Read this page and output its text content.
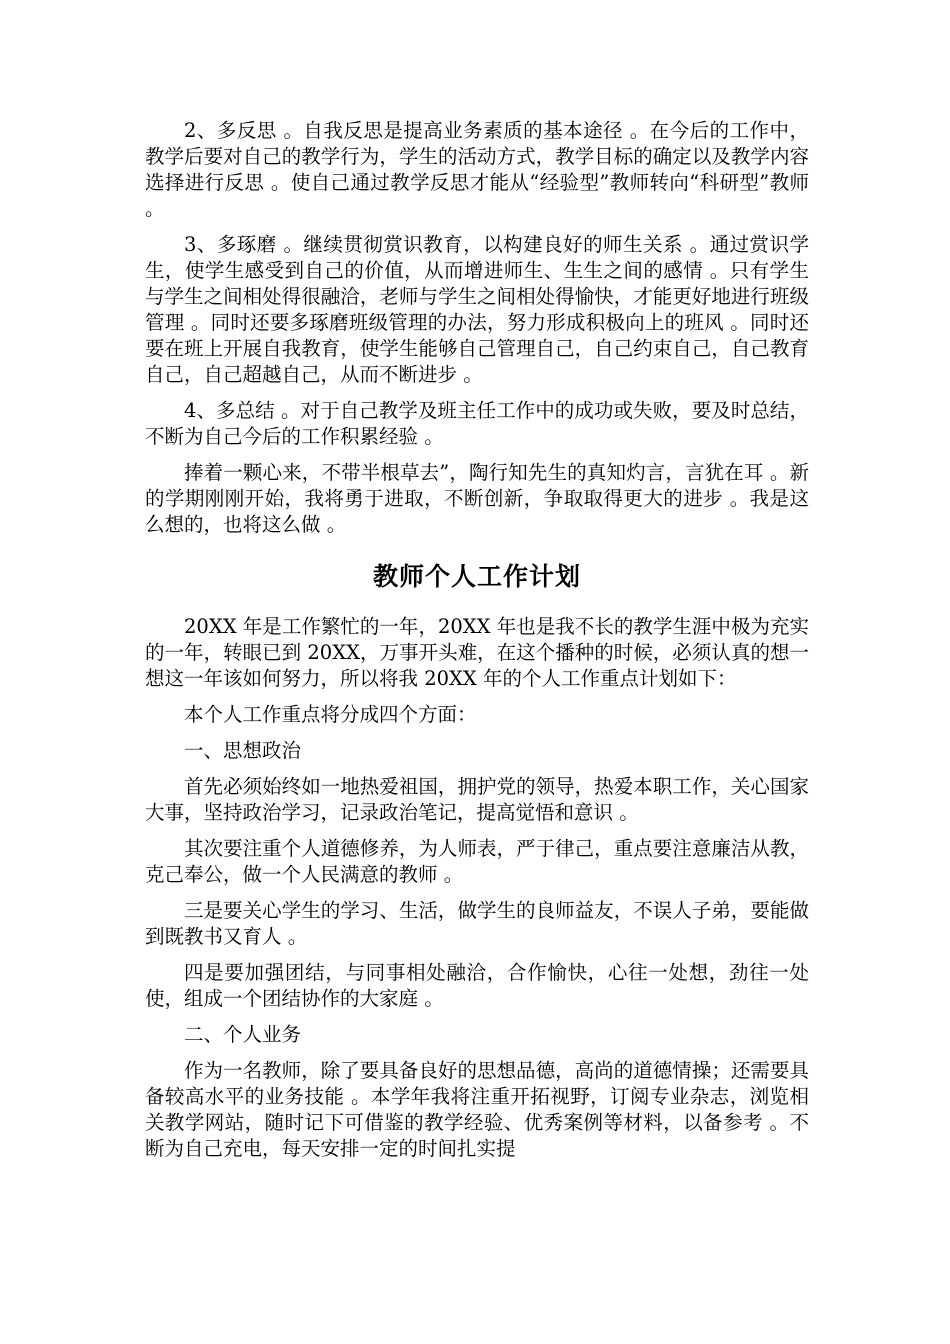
2、多反思 。自我反思是提高业务素质的基本途径 。在今后的工作中，教学后要对自己的教学行为，学生的活动方式，教学目标的确定以及教学内容选择进行反思 。使自己通过教学反思才能从“经验型”教师转向“科研型”教师 。

3、多琢磨 。继续贯彻赏识教育，以构建良好的师生关系 。通过赏识学生，使学生感受到自己的价值，从而增进师生、生生之间的感情 。只有学生与学生之间相处得很融洽，老师与学生之间相处得愉快，才能更好地进行班级管理 。同时还要多琢磨班级管理的办法，努力形成积极向上的班风 。同时还要在班上开展自我教育，使学生能够自己管理自己，自己约束自己，自己教育自己，自己超越自己，从而不断进步 。

4、多总结 。对于自己教学及班主任工作中的成功或失败，要及时总结，不断为自己今后的工作积累经验 。

捧着一颗心来，不带半根草去”，陶行知先生的真知灼言，言犹在耳 。新的学期刚刚开始，我将勇于进取，不断创新，争取取得更大的进步 。我是这么想的，也将这么做 。

教师个人工作计划

20XX 年是工作繁忙的一年，20XX 年也是我不长的教学生涯中极为充实的一年，转眼已到 20XX，万事开头难，在这个播种的时候，必须认真的想一想这一年该如何努力，所以将我 20XX 年的个人工作重点计划如下：

本个人工作重点将分成四个方面：

一、思想政治

首先必须始终如一地热爱祖国，拥护党的领导，热爱本职工作，关心国家大事，坚持政治学习，记录政治笔记，提高觉悟和意识 。

其次要注重个人道德修养，为人师表，严于律己，重点要注意廉洁从教，克己奉公，做一个人民满意的教师 。

三是要关心学生的学习、生活，做学生的良师益友，不误人子弟，要能做到既教书又育人 。

四是要加强团结，与同事相处融洽，合作愉快，心往一处想，劲往一处使，组成一个团结协作的大家庭 。

二、个人业务

作为一名教师，除了要具备良好的思想品德，高尚的道德情操；还需要具备较高水平的业务技能 。本学年我将注重开拓视野，订阅专业杂志，浏览相关教学网站，随时记下可借鉴的教学经验、优秀案例等材料，以备参考 。不断为自己充电，每天安排一定的时间扎实提
